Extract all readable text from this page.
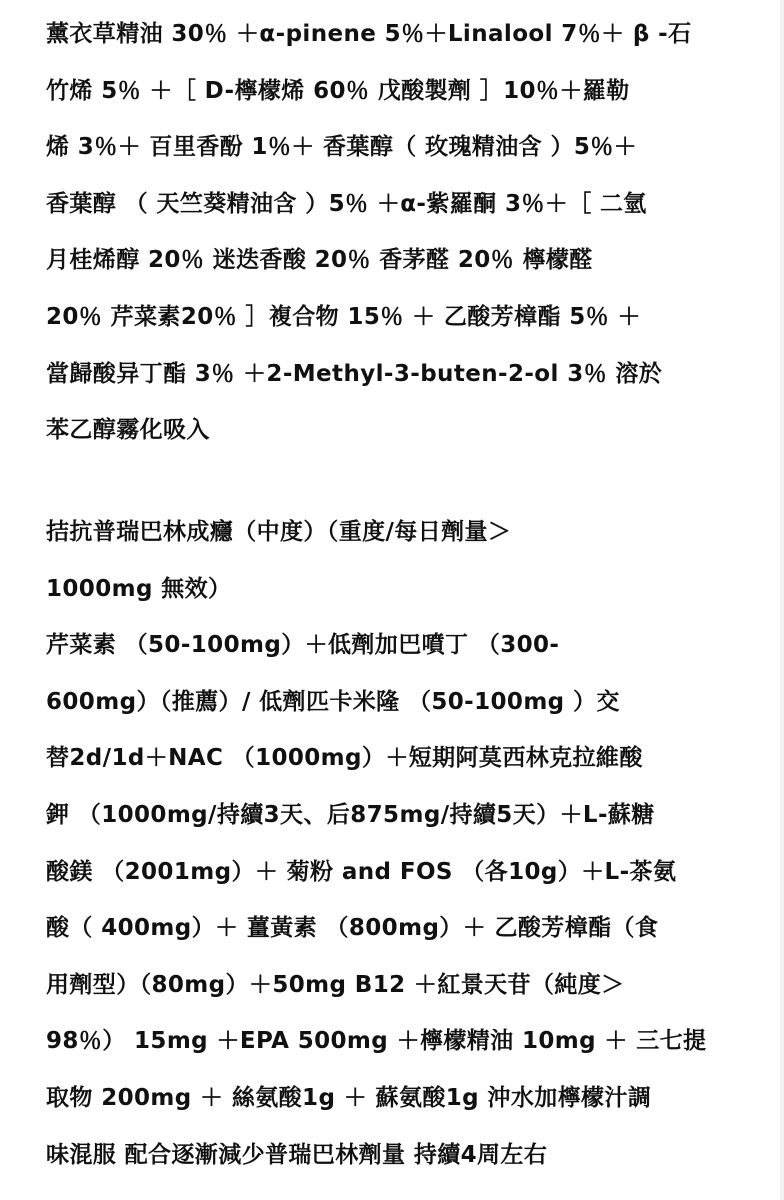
薰衣草精油 30％ ＋α-pinene 5％＋Linalool 7％＋ β -石
竹烯 5％ ＋［ D-檸檬烯 60％ 戊酸製劑 ］10％＋羅勒
烯 3％＋ 百里香酚 1％＋ 香葉醇（ 玫瑰精油含 ）5％＋
香葉醇 （ 天竺葵精油含 ）5％ ＋α-紫羅酮 3％＋［ 二氫
月桂烯醇 20％ 迷迭香酸 20％ 香茅醛 20％ 檸檬醛
20％ 芹菜素20％ ］複合物 15％ ＋ 乙酸芳樟酯 5％ ＋
當歸酸异丁酯 3％ ＋2-Methyl-3-buten-2-ol 3％ 溶於
苯乙醇霧化吸入
拮抗普瑞巴林成癮（中度）（重度/每日劑量＞
1000mg 無效）
芹菜素 （50-100mg）＋低劑加巴噴丁 （300-
600mg）（推薦）/ 低劑匹卡米隆 （50-100mg ）交
替2d/1d＋NAC （1000mg）＋短期阿莫西林克拉維酸
鉀 （1000mg/持續3天、后875mg/持續5天）＋L-蘇糖
酸鎂 （2001mg）＋ 菊粉 and FOS （各10g）＋L-茶氨
酸（ 400mg）＋ 薑黃素 （800mg）＋ 乙酸芳樟酯（食
用劑型）（80mg）＋50mg B12 ＋紅景天苷（純度＞
98％） 15mg ＋EPA 500mg ＋檸檬精油 10mg ＋ 三七提
取物 200mg ＋ 絲氨酸1g ＋ 蘇氨酸1g 沖水加檸檬汁調
味混服 配合逐漸減少普瑞巴林劑量 持續4周左右
